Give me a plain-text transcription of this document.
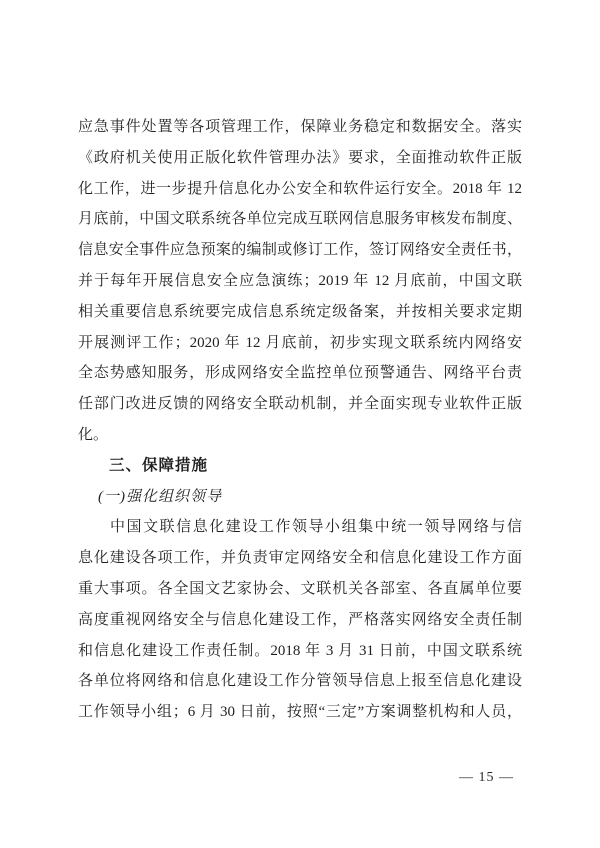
应急事件处置等各项管理工作，保障业务稳定和数据安全。落实
《政府机关使用正版化软件管理办法》要求，全面推动软件正版
化工作，进一步提升信息化办公安全和软件运行安全。2018 年 12
月底前，中国文联系统各单位完成互联网信息服务审核发布制度、
信息安全事件应急预案的编制或修订工作，签订网络安全责任书，
并于每年开展信息安全应急演练；2019 年 12 月底前，中国文联
相关重要信息系统要完成信息系统定级备案，并按相关要求定期
开展测评工作；2020 年 12 月底前，初步实现文联系统内网络安
全态势感知服务，形成网络安全监控单位预警通告、网络平台责
任部门改进反馈的网络安全联动机制，并全面实现专业软件正版
化。
三、保障措施
(一)强化组织领导
中国文联信息化建设工作领导小组集中统一领导网络与信
息化建设各项工作，并负责审定网络安全和信息化建设工作方面
重大事项。各全国文艺家协会、文联机关各部室、各直属单位要
高度重视网络安全与信息化建设工作，严格落实网络安全责任制
和信息化建设工作责任制。2018 年 3 月 31 日前，中国文联系统
各单位将网络和信息化建设工作分管领导信息上报至信息化建设
工作领导小组；6 月 30 日前，按照“三定”方案调整机构和人员，
— 15 —
